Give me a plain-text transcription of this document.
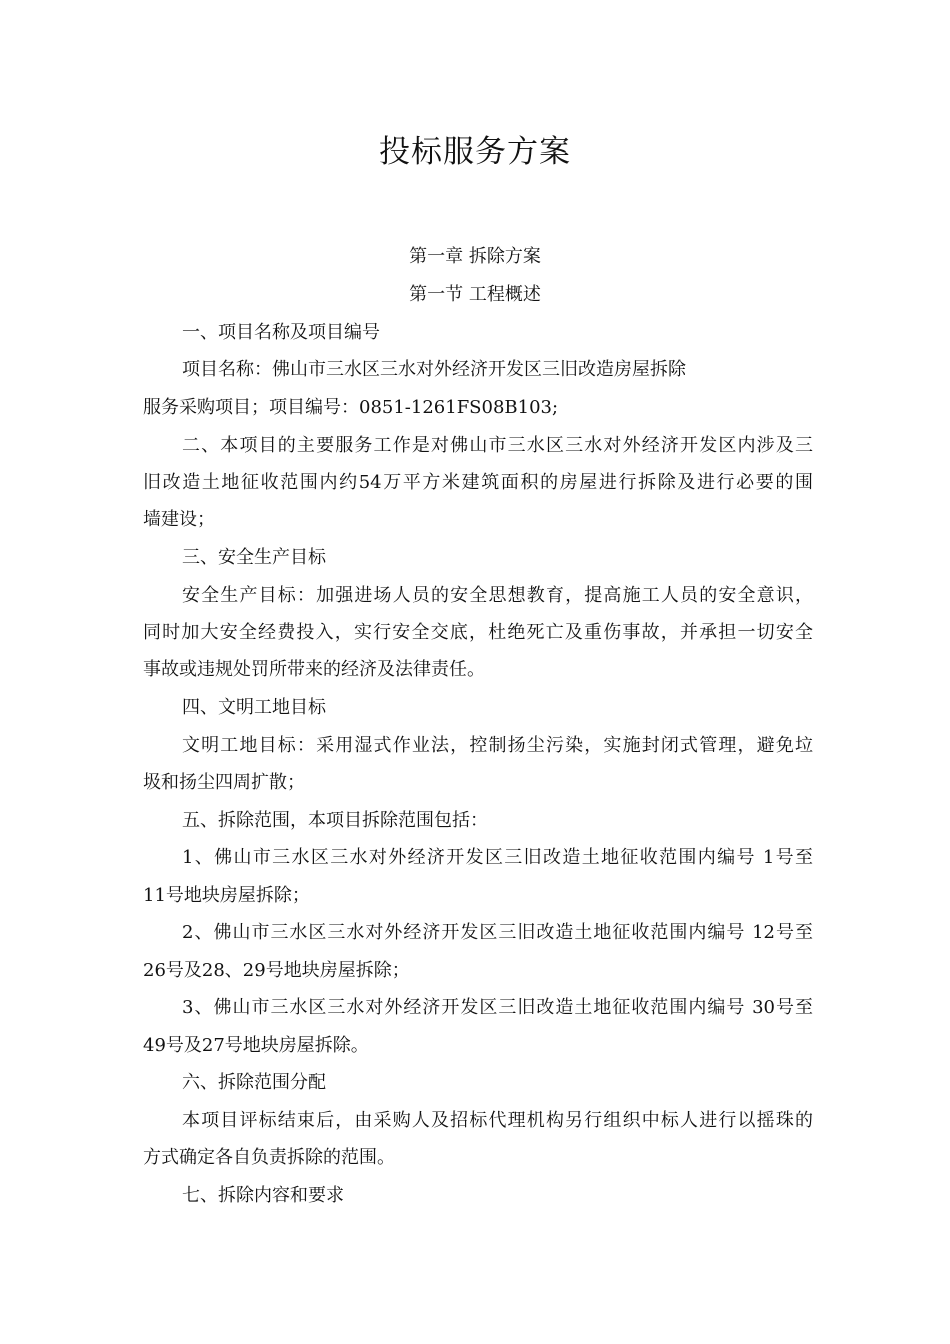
投标服务方案
第一章 拆除方案
第一节 工程概述
一、项目名称及项目编号
项目名称：佛山市三水区三水对外经济开发区三旧改造房屋拆除
服务采购项目；项目编号：0851-1261FS08B103;
二、本项目的主要服务工作是对佛山市三水区三水对外经济开发区内涉及三
旧改造土地征收范围内约54万平方米建筑面积的房屋进行拆除及进行必要的围
墙建设；
三、安全生产目标
安全生产目标：加强进场人员的安全思想教育，提高施工人员的安全意识，
同时加大安全经费投入，实行安全交底，杜绝死亡及重伤事故，并承担一切安全
事故或违规处罚所带来的经济及法律责任。
四、文明工地目标
文明工地目标：采用湿式作业法，控制扬尘污染，实施封闭式管理，避免垃
圾和扬尘四周扩散；
五、拆除范围，本项目拆除范围包括：
1、佛山市三水区三水对外经济开发区三旧改造土地征收范围内编号 1号至
11号地块房屋拆除；
2、佛山市三水区三水对外经济开发区三旧改造土地征收范围内编号 12号至
26号及28、29号地块房屋拆除；
3、佛山市三水区三水对外经济开发区三旧改造土地征收范围内编号 30号至
49号及27号地块房屋拆除。
六、拆除范围分配
本项目评标结束后，由采购人及招标代理机构另行组织中标人进行以摇珠的
方式确定各自负责拆除的范围。
七、拆除内容和要求
